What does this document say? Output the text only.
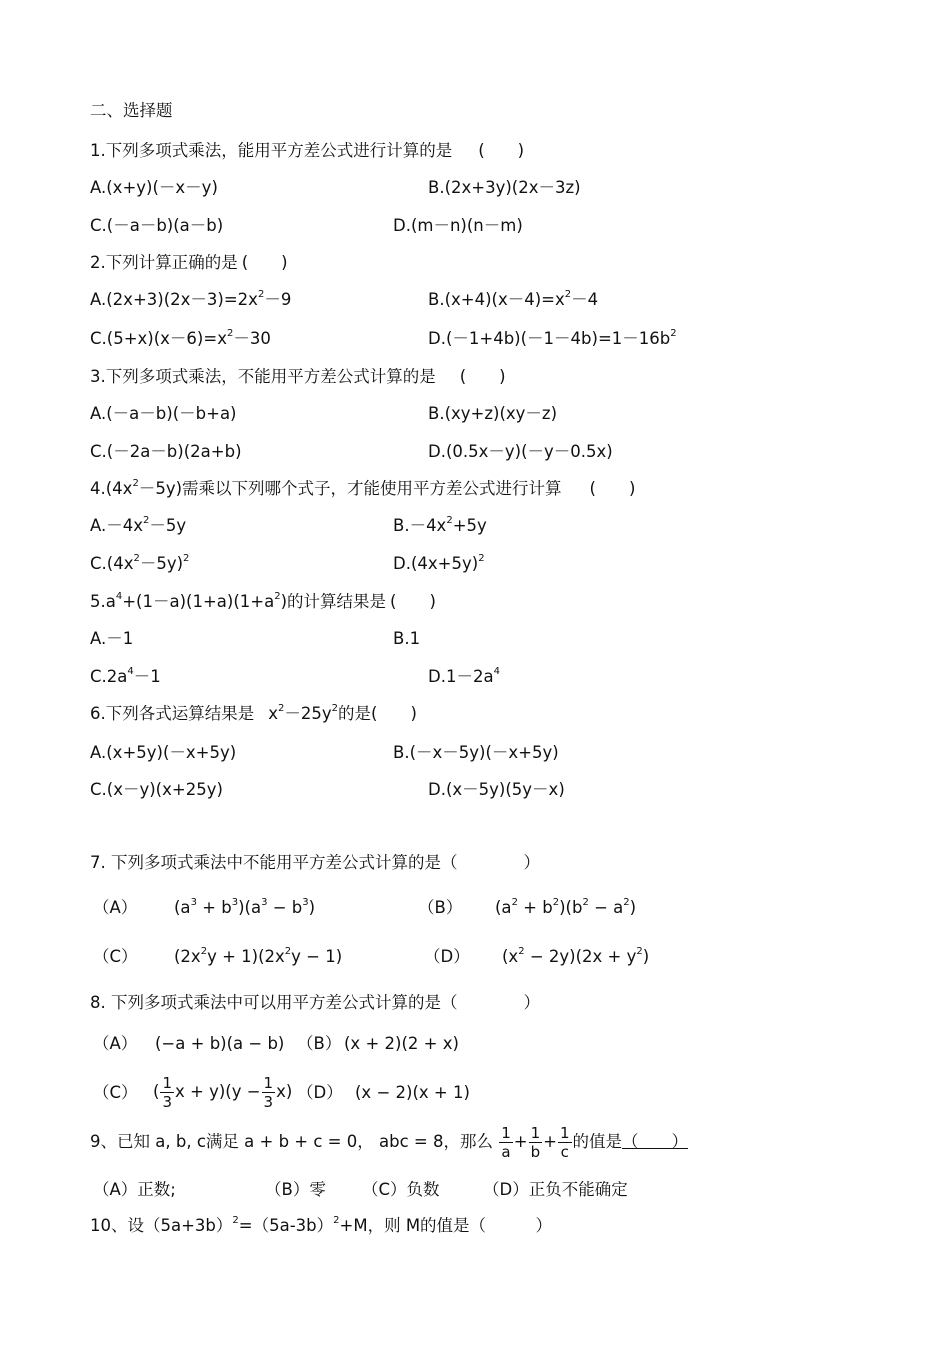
二、选择题
1.下列多项式乘法，能用平方差公式进行计算的是 (　　)
A.(x+y)(－x－y)	B.(2x+3y)(2x－3z)
C.(－a－b)(a－b)	D.(m－n)(n－m)
2.下列计算正确的是 (　　)
$A.(2x+3)(2x-3)=2x^2-9$	$B.(x+4)(x-4)=x^2-4$
$C.(5+x)(x-6)=x^2-30$	$D.(-1+4b)(-1-4b)=1-16b^2$
3.下列多项式乘法，不能用平方差公式计算的是 (　　)
A.(－a－b)(－b+a)	B.(xy+z)(xy－z)
C.(－2a－b)(2a+b)	D.(0.5x－y)(－y－0.5x)
$4.(4x^2-5y)$需乘以下列哪个式子，才能使用平方差公式进行计算 (　　)
$A.-4x^2-5y$	$B.-4x^2+5y$
$C.(4x^2-5y)^2$	$D.(4x+5y)^2$
$5.a^4+(1-a)(1+a)(1+a^2)$的计算结果是 (　　)
A.－1	B.1
$C.2a^4-1$	$D.1-2a^4$
6.下列各式运算结果是 $x^2-25y^2$的是(　　)
A.(x+5y)(－x+5y)	B.(－x－5y)(－x+5y)
C.(x－y)(x+25y)	D.(x－5y)(5y－x)
7. 下列多项式乘法中不能用平方差公式计算的是（　　　　）
（A） $(a^3 + b^3)(a^3 - b^3)$	（B） $(a^2 + b^2)(b^2 - a^2)$
（C） $(2x^2y + 1)(2x^2y - 1)$	（D） $(x^2 - 2y)(2x + y^2)$
8. 下列多项式乘法中可以用平方差公式计算的是（　　　　）
（A） (−a + b)(a − b) （B） (x + 2)(2 + x)
（C） ( $\frac{1}{3}$ $x + y)(y - \frac{1}{3} x)$ （D） (x − 2)(x + 1)
9、已知 a, b, c满足 a + b + c = 0， abc = 8，那么 $\frac{1}{a} + \frac{1}{b} + \frac{1}{c}$ 的值是（　　）
（A）正数;	（B）零 （C）负数	（D）正负不能确定
10、设$(5a+3b)^2=(5a-3b)^2+M$，则 M的值是（　　　）
